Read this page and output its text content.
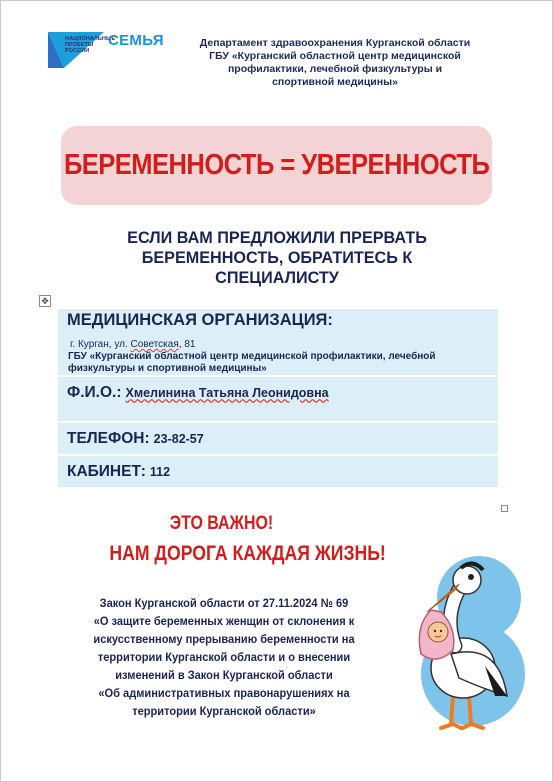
НАЦИОНАЛЬНЫЕ
ПРОЕКТЫ
РОССИИ
СЕМЬЯ	Департамент здравоохранения Курганской области
ГБУ «Курганский областной центр медицинской
профилактики, лечебной физкультуры и
спортивной медицины»
БЕРЕМЕННОСТЬ = УВЕРЕННОСТЬ
ЕСЛИ ВАМ ПРЕДЛОЖИЛИ ПРЕРВАТЬ
БЕРЕМЕННОСТЬ, ОБРАТИТЕСЬ К
СПЕЦИАЛИСТУ
✥
МЕДИЦИНСКАЯ ОРГАНИЗАЦИЯ:
г. Курган, ул. Советская, 81
ГБУ «Курганский областной центр медицинской профилактики, лечебной физкультуры и спортивной медицины»
Ф.И.О.: Хмелинина Татьяна Леонидовна
ТЕЛЕФОН: 23-82-57
КАБИНЕТ: 112
ЭТО ВАЖНО!
НАМ ДОРОГА КАЖДАЯ ЖИЗНЬ!
Закон Курганской области от 27.11.2024 № 69
«О защите беременных женщин от склонения к
искусственному прерыванию беременности на
территории Курганской области и о внесении
изменений в Закон Курганской области
«Об административных правонарушениях на
территории Курганской области»
